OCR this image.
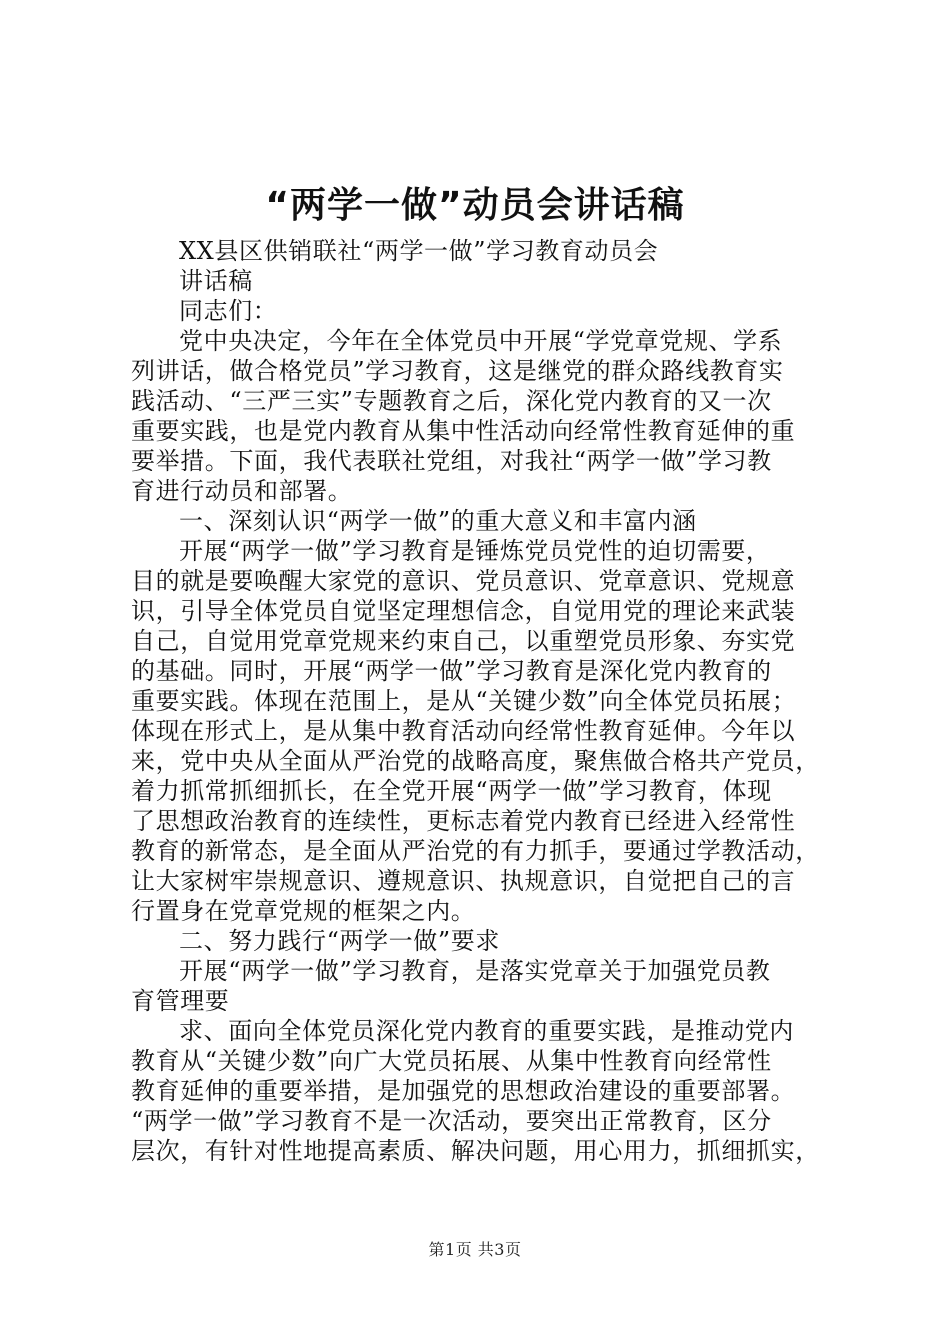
“两学一做”动员会讲话稿
XX县区供销联社“两学一做”学习教育动员会
讲话稿
同志们：
党中央决定，今年在全体党员中开展“学党章党规、学系
列讲话，做合格党员”学习教育，这是继党的群众路线教育实
践活动、“三严三实”专题教育之后，深化党内教育的又一次
重要实践，也是党内教育从集中性活动向经常性教育延伸的重
要举措。下面，我代表联社党组，对我社“两学一做”学习教
育进行动员和部署。
一、深刻认识“两学一做”的重大意义和丰富内涵
开展“两学一做”学习教育是锤炼党员党性的迫切需要，
目的就是要唤醒大家党的意识、党员意识、党章意识、党规意
识，引导全体党员自觉坚定理想信念，自觉用党的理论来武装
自己，自觉用党章党规来约束自己，以重塑党员形象、夯实党
的基础。同时，开展“两学一做”学习教育是深化党内教育的
重要实践。体现在范围上，是从“关键少数”向全体党员拓展；
体现在形式上，是从集中教育活动向经常性教育延伸。今年以
来，党中央从全面从严治党的战略高度，聚焦做合格共产党员，
着力抓常抓细抓长，在全党开展“两学一做”学习教育，体现
了思想政治教育的连续性，更标志着党内教育已经进入经常性
教育的新常态，是全面从严治党的有力抓手，要通过学教活动，
让大家树牢崇规意识、遵规意识、执规意识，自觉把自己的言
行置身在党章党规的框架之内。
二、努力践行“两学一做”要求
开展“两学一做”学习教育，是落实党章关于加强党员教
育管理要
求、面向全体党员深化党内教育的重要实践，是推动党内
教育从“关键少数”向广大党员拓展、从集中性教育向经常性
教育延伸的重要举措，是加强党的思想政治建设的重要部署。
“两学一做”学习教育不是一次活动，要突出正常教育，区分
层次，有针对性地提高素质、解决问题，用心用力，抓细抓实，
第1页 共3页
